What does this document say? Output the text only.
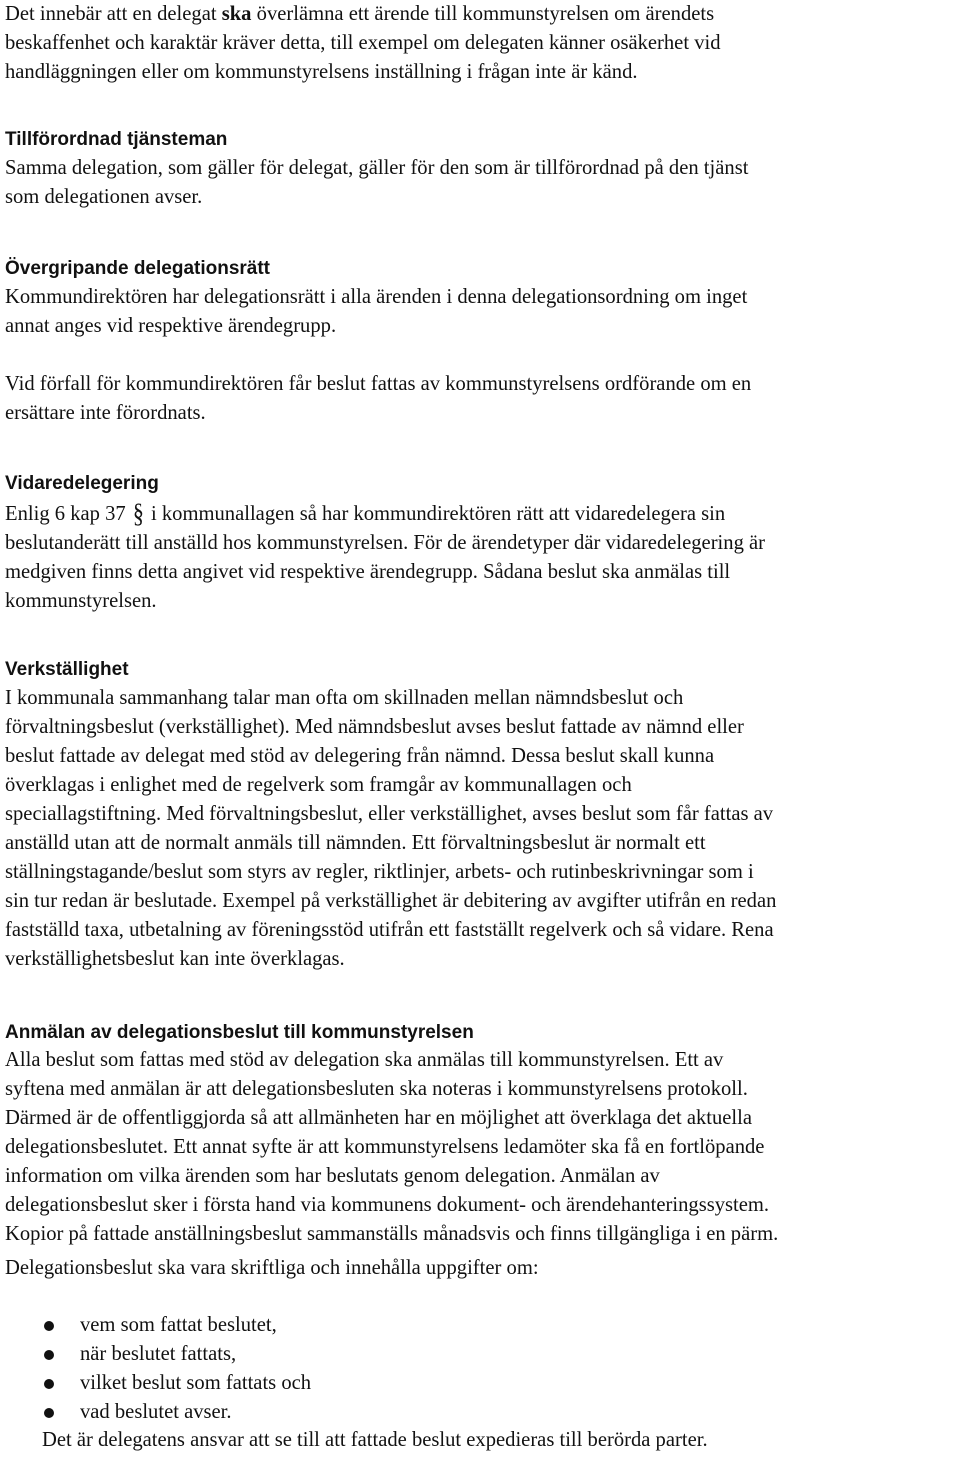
Det innebär att en delegat ska överlämna ett ärende till kommunstyrelsen om ärendets
beskaffenhet och karaktär kräver detta, till exempel om delegaten känner osäkerhet vid
handläggningen eller om kommunstyrelsens inställning i frågan inte är känd.

Tillförordnad tjänsteman

Samma delegation, som gäller för delegat, gäller för den som är tillförordnad på den tjänst
som delegationen avser.

Övergripande delegationsrätt

Kommundirektören har delegationsrätt i alla ärenden i denna delegationsordning om inget
annat anges vid respektive ärendegrupp.

Vid förfall för kommundirektören får beslut fattas av kommunstyrelsens ordförande om en
ersättare inte förordnats.

Vidaredelegering

Enlig 6 kap 37 § i kommunallagen så har kommundirektören rätt att vidaredelegera sin
beslutanderätt till anställd hos kommunstyrelsen. För de ärendetyper där vidaredelegering är
medgiven finns detta angivet vid respektive ärendegrupp. Sådana beslut ska anmälas till
kommunstyrelsen.

Verkställighet

I kommunala sammanhang talar man ofta om skillnaden mellan nämndsbeslut och
förvaltningsbeslut (verkställighet). Med nämndsbeslut avses beslut fattade av nämnd eller
beslut fattade av delegat med stöd av delegering från nämnd. Dessa beslut skall kunna
överklagas i enlighet med de regelverk som framgår av kommunallagen och
speciallagstiftning. Med förvaltningsbeslut, eller verkställighet, avses beslut som får fattas av
anställd utan att de normalt anmäls till nämnden. Ett förvaltningsbeslut är normalt ett
ställningstagande/beslut som styrs av regler, riktlinjer, arbets- och rutinbeskrivningar som i
sin tur redan är beslutade. Exempel på verkställighet är debitering av avgifter utifrån en redan
fastställd taxa, utbetalning av föreningsstöd utifrån ett fastställt regelverk och så vidare. Rena
verkställighetsbeslut kan inte överklagas.

Anmälan av delegationsbeslut till kommunstyrelsen

Alla beslut som fattas med stöd av delegation ska anmälas till kommunstyrelsen. Ett av
syftena med anmälan är att delegationsbesluten ska noteras i kommunstyrelsens protokoll.
Därmed är de offentliggjorda så att allmänheten har en möjlighet att överklaga det aktuella
delegationsbeslutet. Ett annat syfte är att kommunstyrelsens ledamöter ska få en fortlöpande
information om vilka ärenden som har beslutats genom delegation. Anmälan av
delegationsbeslut sker i första hand via kommunens dokument- och ärendehanteringssystem.
Kopior på fattade anställningsbeslut sammanställs månadsvis och finns tillgängliga i en pärm.

Delegationsbeslut ska vara skriftliga och innehålla uppgifter om:

vem som fattat beslutet,
när beslutet fattats,
vilket beslut som fattats och
vad beslutet avser.

Det är delegatens ansvar att se till att fattade beslut expedieras till berörda parter.
